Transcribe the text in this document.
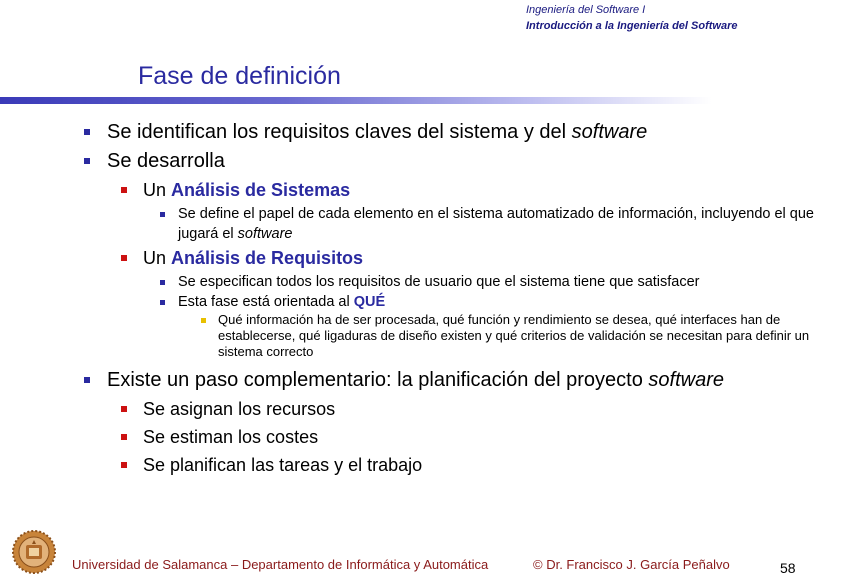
Ingeniería del Software I
Introducción a la Ingeniería del Software
Fase de definición
Se identifican los requisitos claves del sistema y del software
Se desarrolla
Un Análisis de Sistemas
Se define el papel de cada elemento en el sistema automatizado de información, incluyendo el que jugará el software
Un Análisis de Requisitos
Se especifican todos los requisitos de usuario que el sistema tiene que satisfacer
Esta fase está orientada al QUÉ
Qué información ha de ser procesada, qué función y rendimiento se desea, qué interfaces han de establecerse, qué ligaduras de diseño existen y qué criterios de validación se necesitan para definir un sistema correcto
Existe un paso complementario: la planificación del proyecto software
Se asignan los recursos
Se estiman los costes
Se planifican las tareas y el trabajo
Universidad de Salamanca – Departamento de Informática y Automática	© Dr. Francisco J. García Peñalvo	58
